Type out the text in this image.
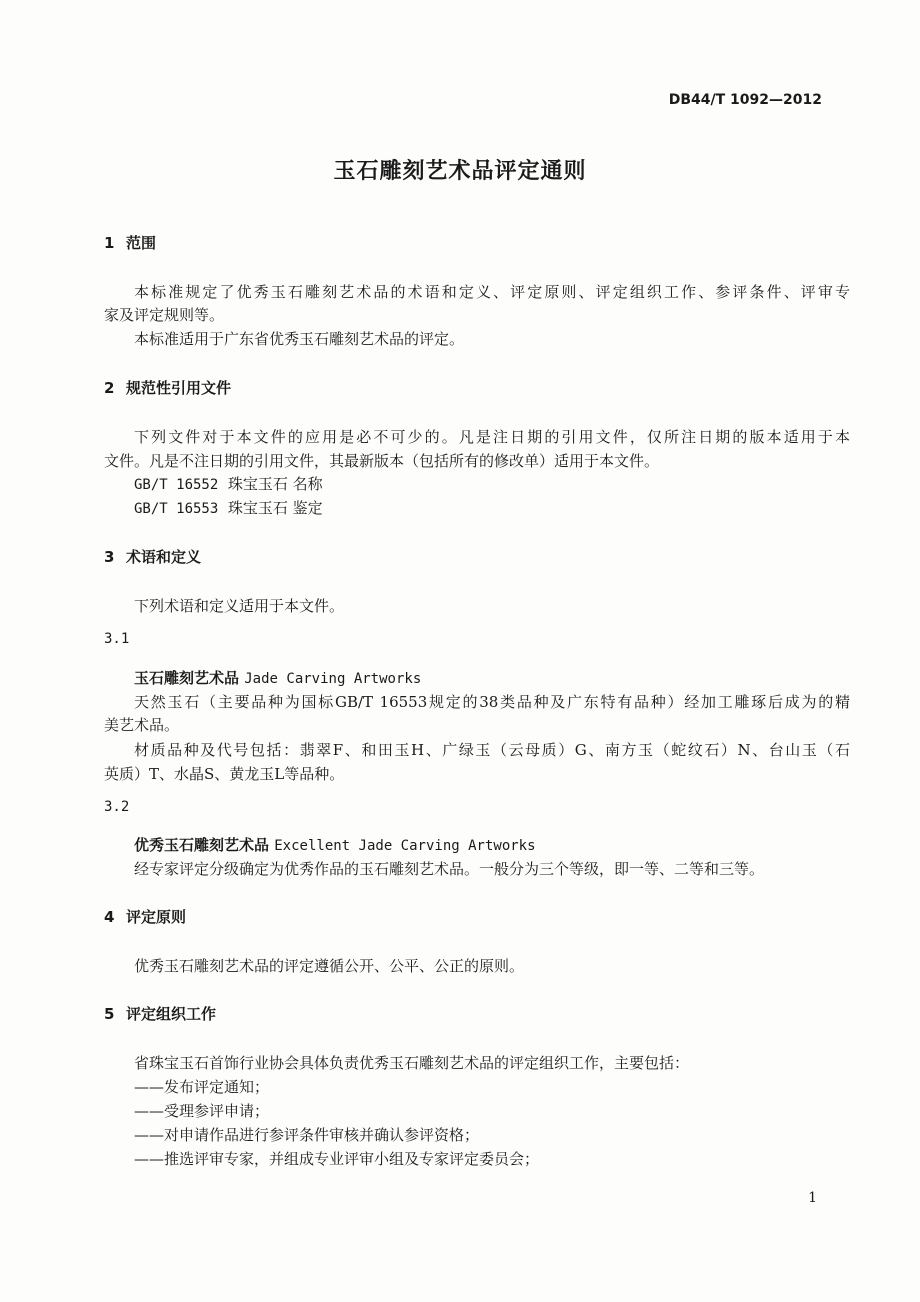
DB44/T 1092—2012
玉石雕刻艺术品评定通则
1 范围
本标准规定了优秀玉石雕刻艺术品的术语和定义、评定原则、评定组织工作、参评条件、评审专
家及评定规则等。
本标准适用于广东省优秀玉石雕刻艺术品的评定。
2 规范性引用文件
下列文件对于本文件的应用是必不可少的。凡是注日期的引用文件，仅所注日期的版本适用于本
文件。凡是不注日期的引用文件，其最新版本（包括所有的修改单）适用于本文件。
GB/T 16552 珠宝玉石 名称
GB/T 16553 珠宝玉石 鉴定
3 术语和定义
下列术语和定义适用于本文件。
3.1
玉石雕刻艺术品 Jade Carving Artworks
天然玉石（主要品种为国标GB/T 16553规定的38类品种及广东特有品种）经加工雕琢后成为的精
美艺术品。
材质品种及代号包括：翡翠F、和田玉H、广绿玉（云母质）G、南方玉（蛇纹石）N、台山玉（石
英质）T、水晶S、黄龙玉L等品种。
3.2
优秀玉石雕刻艺术品 Excellent Jade Carving Artworks
经专家评定分级确定为优秀作品的玉石雕刻艺术品。一般分为三个等级，即一等、二等和三等。
4 评定原则
优秀玉石雕刻艺术品的评定遵循公开、公平、公正的原则。
5 评定组织工作
省珠宝玉石首饰行业协会具体负责优秀玉石雕刻艺术品的评定组织工作，主要包括：
——发布评定通知；
——受理参评申请；
——对申请作品进行参评条件审核并确认参评资格；
——推选评审专家，并组成专业评审小组及专家评定委员会；
1
